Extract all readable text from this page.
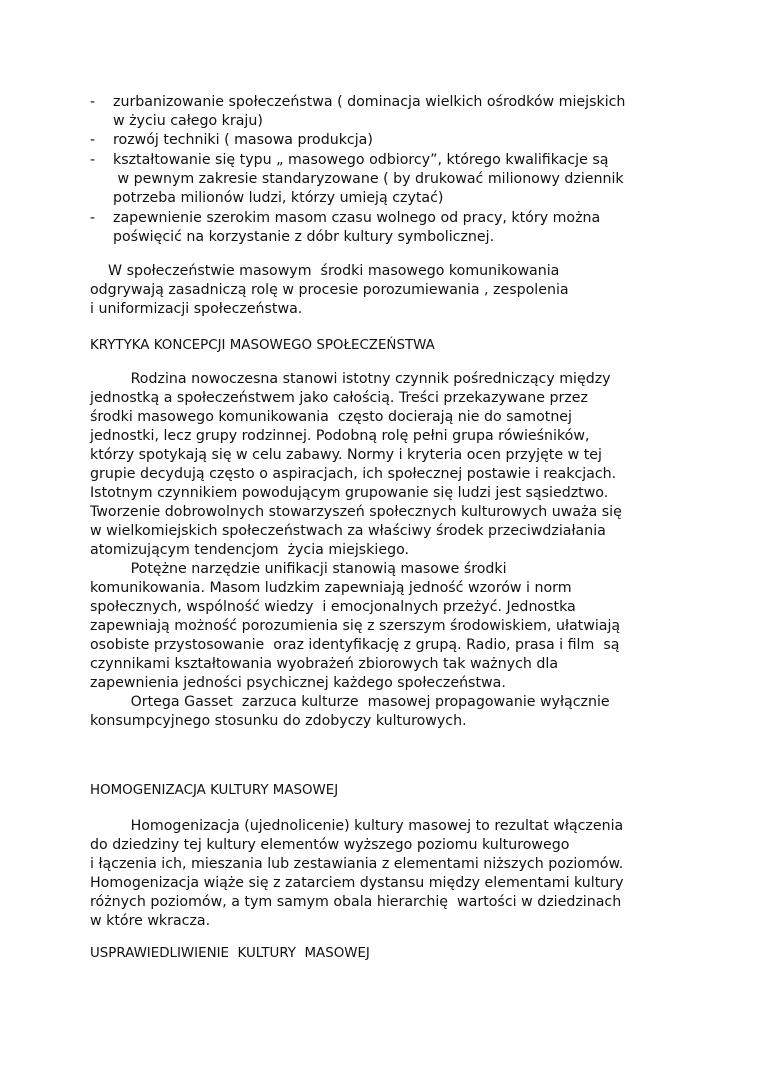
- zurbanizowanie społeczeństwa ( dominacja wielkich ośrodków miejskich
w życiu całego kraju)
- rozwój techniki ( masowa produkcja)
- kształtowanie się typu „ masowego odbiorcy”, którego kwalifikacje są
w pewnym zakresie standaryzowane ( by drukować milionowy dziennik
potrzeba milionów ludzi, którzy umieją czytać)
- zapewnienie szerokim masom czasu wolnego od pracy, który można
poświęcić na korzystanie z dóbr kultury symbolicznej.
W społeczeństwie masowym  środki masowego komunikowania
odgrywają zasadniczą rolę w procesie porozumiewania , zespolenia
i uniformizacji społeczeństwa.
KRYTYKA KONCEPCJI MASOWEGO SPOŁECZEŃSTWA
Rodzina nowoczesna stanowi istotny czynnik pośredniczący między
jednostką a społeczeństwem jako całością. Treści przekazywane przez
środki masowego komunikowania  często docierają nie do samotnej
jednostki, lecz grupy rodzinnej. Podobną rolę pełni grupa rówieśników,
którzy spotykają się w celu zabawy. Normy i kryteria ocen przyjęte w tej
grupie decydują często o aspiracjach, ich społecznej postawie i reakcjach.
Istotnym czynnikiem powodującym grupowanie się ludzi jest sąsiedztwo.
Tworzenie dobrowolnych stowarzyszeń społecznych kulturowych uważa się
w wielkomiejskich społeczeństwach za właściwy środek przeciwdziałania
atomizującym tendencjom  życia miejskiego.
Potężne narzędzie unifikacji stanowią masowe środki
komunikowania. Masom ludzkim zapewniają jedność wzorów i norm
społecznych, wspólność wiedzy  i emocjonalnych przeżyć. Jednostka
zapewniają możność porozumienia się z szerszym środowiskiem, ułatwiają
osobiste przystosowanie  oraz identyfikację z grupą. Radio, prasa i film  są
czynnikami kształtowania wyobrażeń zbiorowych tak ważnych dla
zapewnienia jedności psychicznej każdego społeczeństwa.
Ortega Gasset  zarzuca kulturze  masowej propagowanie wyłącznie
konsumpcyjnego stosunku do zdobyczy kulturowych.
HOMOGENIZACJA KULTURY MASOWEJ
Homogenizacja (ujednolicenie) kultury masowej to rezultat włączenia
do dziedziny tej kultury elementów wyższego poziomu kulturowego
i łączenia ich, mieszania lub zestawiania z elementami niższych poziomów.
Homogenizacja wiąże się z zatarciem dystansu między elementami kultury
różnych poziomów, a tym samym obala hierarchię  wartości w dziedzinach
w które wkracza.
USPRAWIEDLIWIENIE  KULTURY  MASOWEJ
